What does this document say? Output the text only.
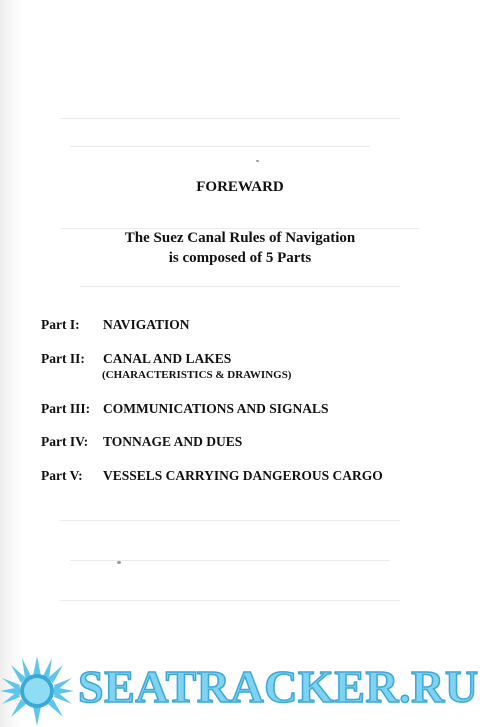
FOREWARD
The Suez Canal Rules of Navigation
is composed of 5 Parts
Part I: NAVIGATION
Part II: CANAL AND LAKES
(CHARACTERISTICS & DRAWINGS)
Part III: COMMUNICATIONS AND SIGNALS
Part IV: TONNAGE AND DUES
Part V: VESSELS CARRYING DANGEROUS CARGO
SEATRACKER.RU
